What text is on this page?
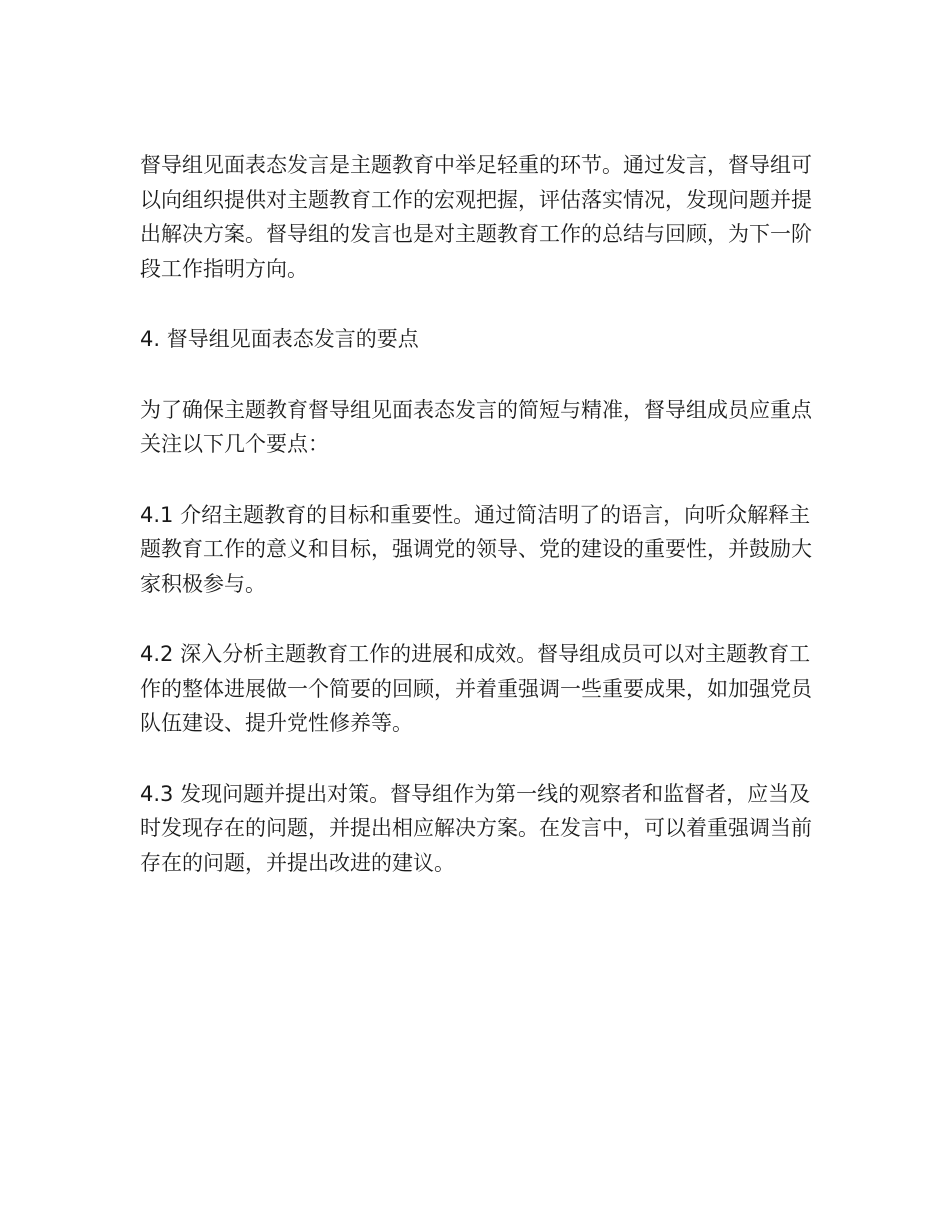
督导组见面表态发言是主题教育中举足轻重的环节。通过发言，督导组可以向组织提供对主题教育工作的宏观把握，评估落实情况，发现问题并提出解决方案。督导组的发言也是对主题教育工作的总结与回顾，为下一阶段工作指明方向。

4. 督导组见面表态发言的要点

为了确保主题教育督导组见面表态发言的简短与精准，督导组成员应重点关注以下几个要点：

4.1 介绍主题教育的目标和重要性。通过简洁明了的语言，向听众解释主题教育工作的意义和目标，强调党的领导、党的建设的重要性，并鼓励大家积极参与。

4.2 深入分析主题教育工作的进展和成效。督导组成员可以对主题教育工作的整体进展做一个简要的回顾，并着重强调一些重要成果，如加强党员队伍建设、提升党性修养等。

4.3 发现问题并提出对策。督导组作为第一线的观察者和监督者，应当及时发现存在的问题，并提出相应解决方案。在发言中，可以着重强调当前存在的问题，并提出改进的建议。
